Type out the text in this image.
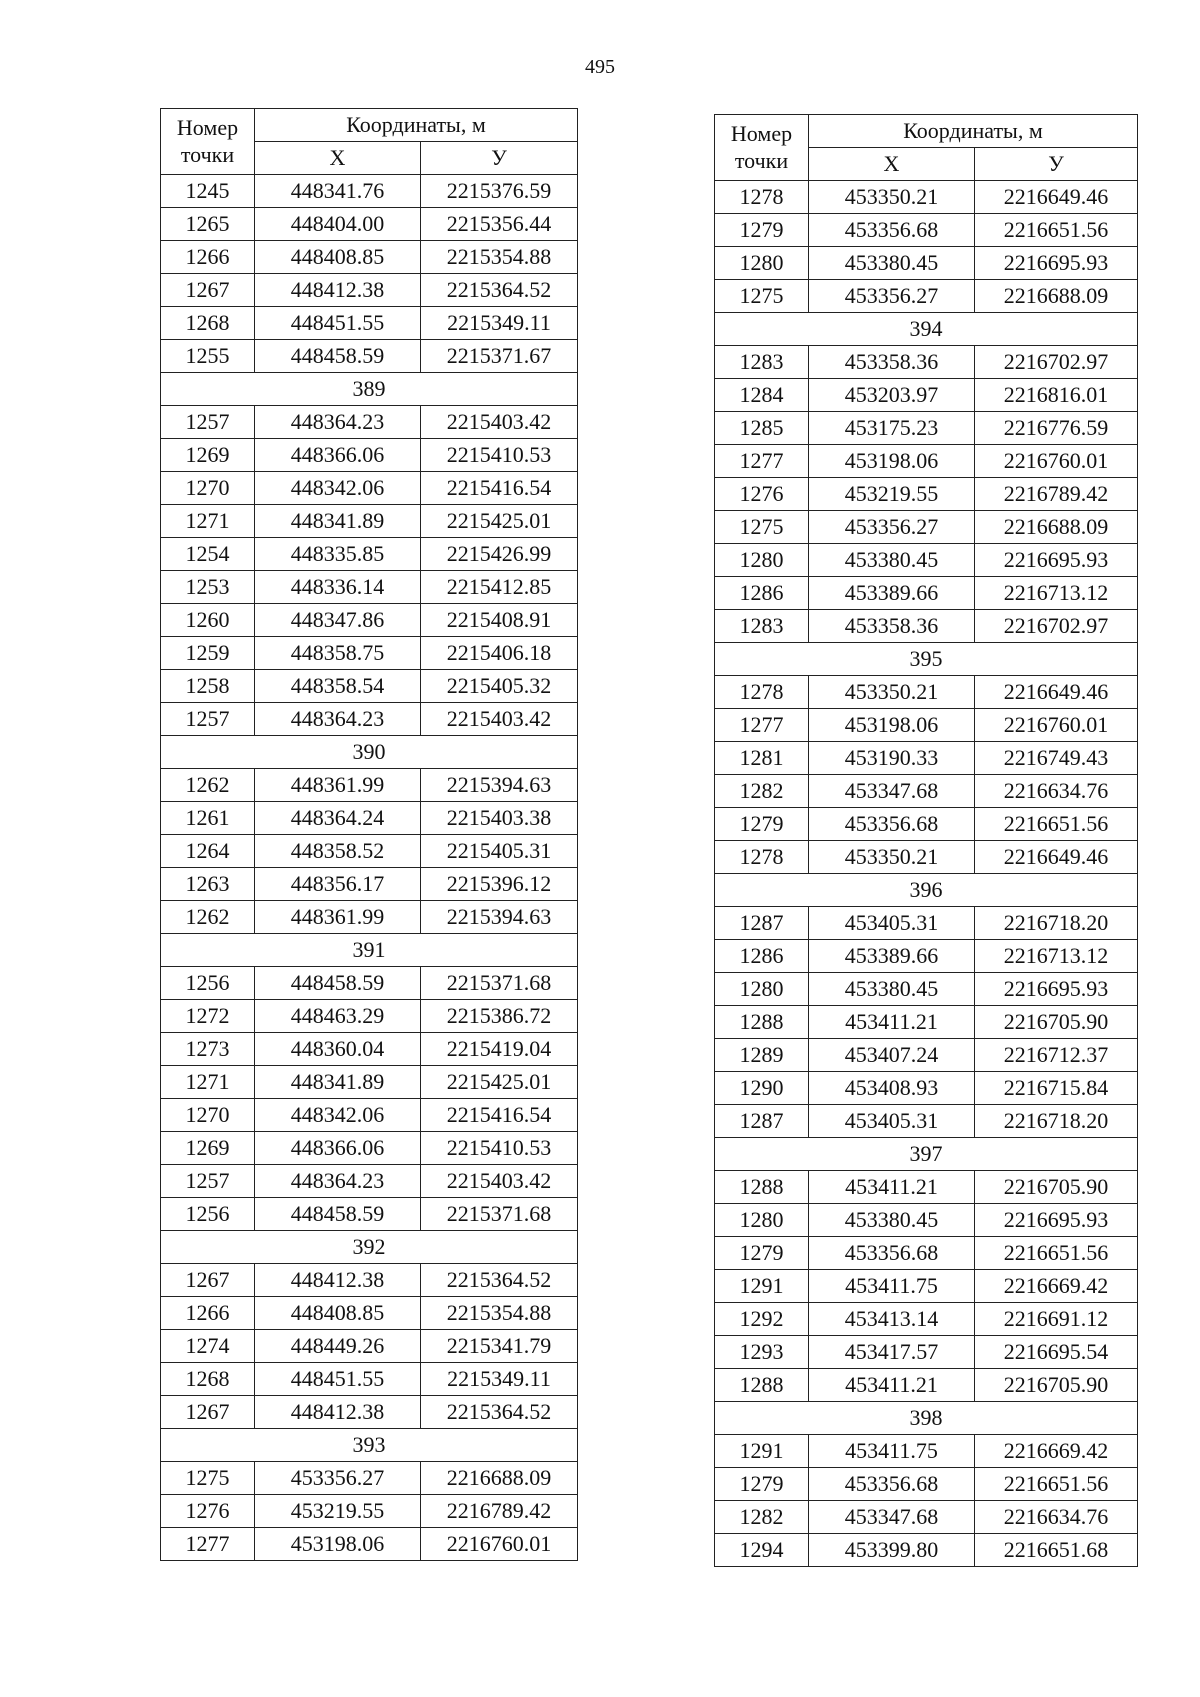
495
Номер точки	Координаты, м	
	X	У
1245	448341.76	2215376.59
1265	448404.00	2215356.44
1266	448408.85	2215354.88
1267	448412.38	2215364.52
1268	448451.55	2215349.11
1255	448458.59	2215371.67
389		
1257	448364.23	2215403.42
1269	448366.06	2215410.53
1270	448342.06	2215416.54
1271	448341.89	2215425.01
1254	448335.85	2215426.99
1253	448336.14	2215412.85
1260	448347.86	2215408.91
1259	448358.75	2215406.18
1258	448358.54	2215405.32
1257	448364.23	2215403.42
390		
1262	448361.99	2215394.63
1261	448364.24	2215403.38
1264	448358.52	2215405.31
1263	448356.17	2215396.12
1262	448361.99	2215394.63
391		
1256	448458.59	2215371.68
1272	448463.29	2215386.72
1273	448360.04	2215419.04
1271	448341.89	2215425.01
1270	448342.06	2215416.54
1269	448366.06	2215410.53
1257	448364.23	2215403.42
1256	448458.59	2215371.68
392		
1267	448412.38	2215364.52
1266	448408.85	2215354.88
1274	448449.26	2215341.79
1268	448451.55	2215349.11
1267	448412.38	2215364.52
393		
1275	453356.27	2216688.09
1276	453219.55	2216789.42
1277	453198.06	2216760.01
Номер точки	Координаты, м	
	X	У
1278	453350.21	2216649.46
1279	453356.68	2216651.56
1280	453380.45	2216695.93
1275	453356.27	2216688.09
394		
1283	453358.36	2216702.97
1284	453203.97	2216816.01
1285	453175.23	2216776.59
1277	453198.06	2216760.01
1276	453219.55	2216789.42
1275	453356.27	2216688.09
1280	453380.45	2216695.93
1286	453389.66	2216713.12
1283	453358.36	2216702.97
395		
1278	453350.21	2216649.46
1277	453198.06	2216760.01
1281	453190.33	2216749.43
1282	453347.68	2216634.76
1279	453356.68	2216651.56
1278	453350.21	2216649.46
396		
1287	453405.31	2216718.20
1286	453389.66	2216713.12
1280	453380.45	2216695.93
1288	453411.21	2216705.90
1289	453407.24	2216712.37
1290	453408.93	2216715.84
1287	453405.31	2216718.20
397		
1288	453411.21	2216705.90
1280	453380.45	2216695.93
1279	453356.68	2216651.56
1291	453411.75	2216669.42
1292	453413.14	2216691.12
1293	453417.57	2216695.54
1288	453411.21	2216705.90
398		
1291	453411.75	2216669.42
1279	453356.68	2216651.56
1282	453347.68	2216634.76
1294	453399.80	2216651.68
